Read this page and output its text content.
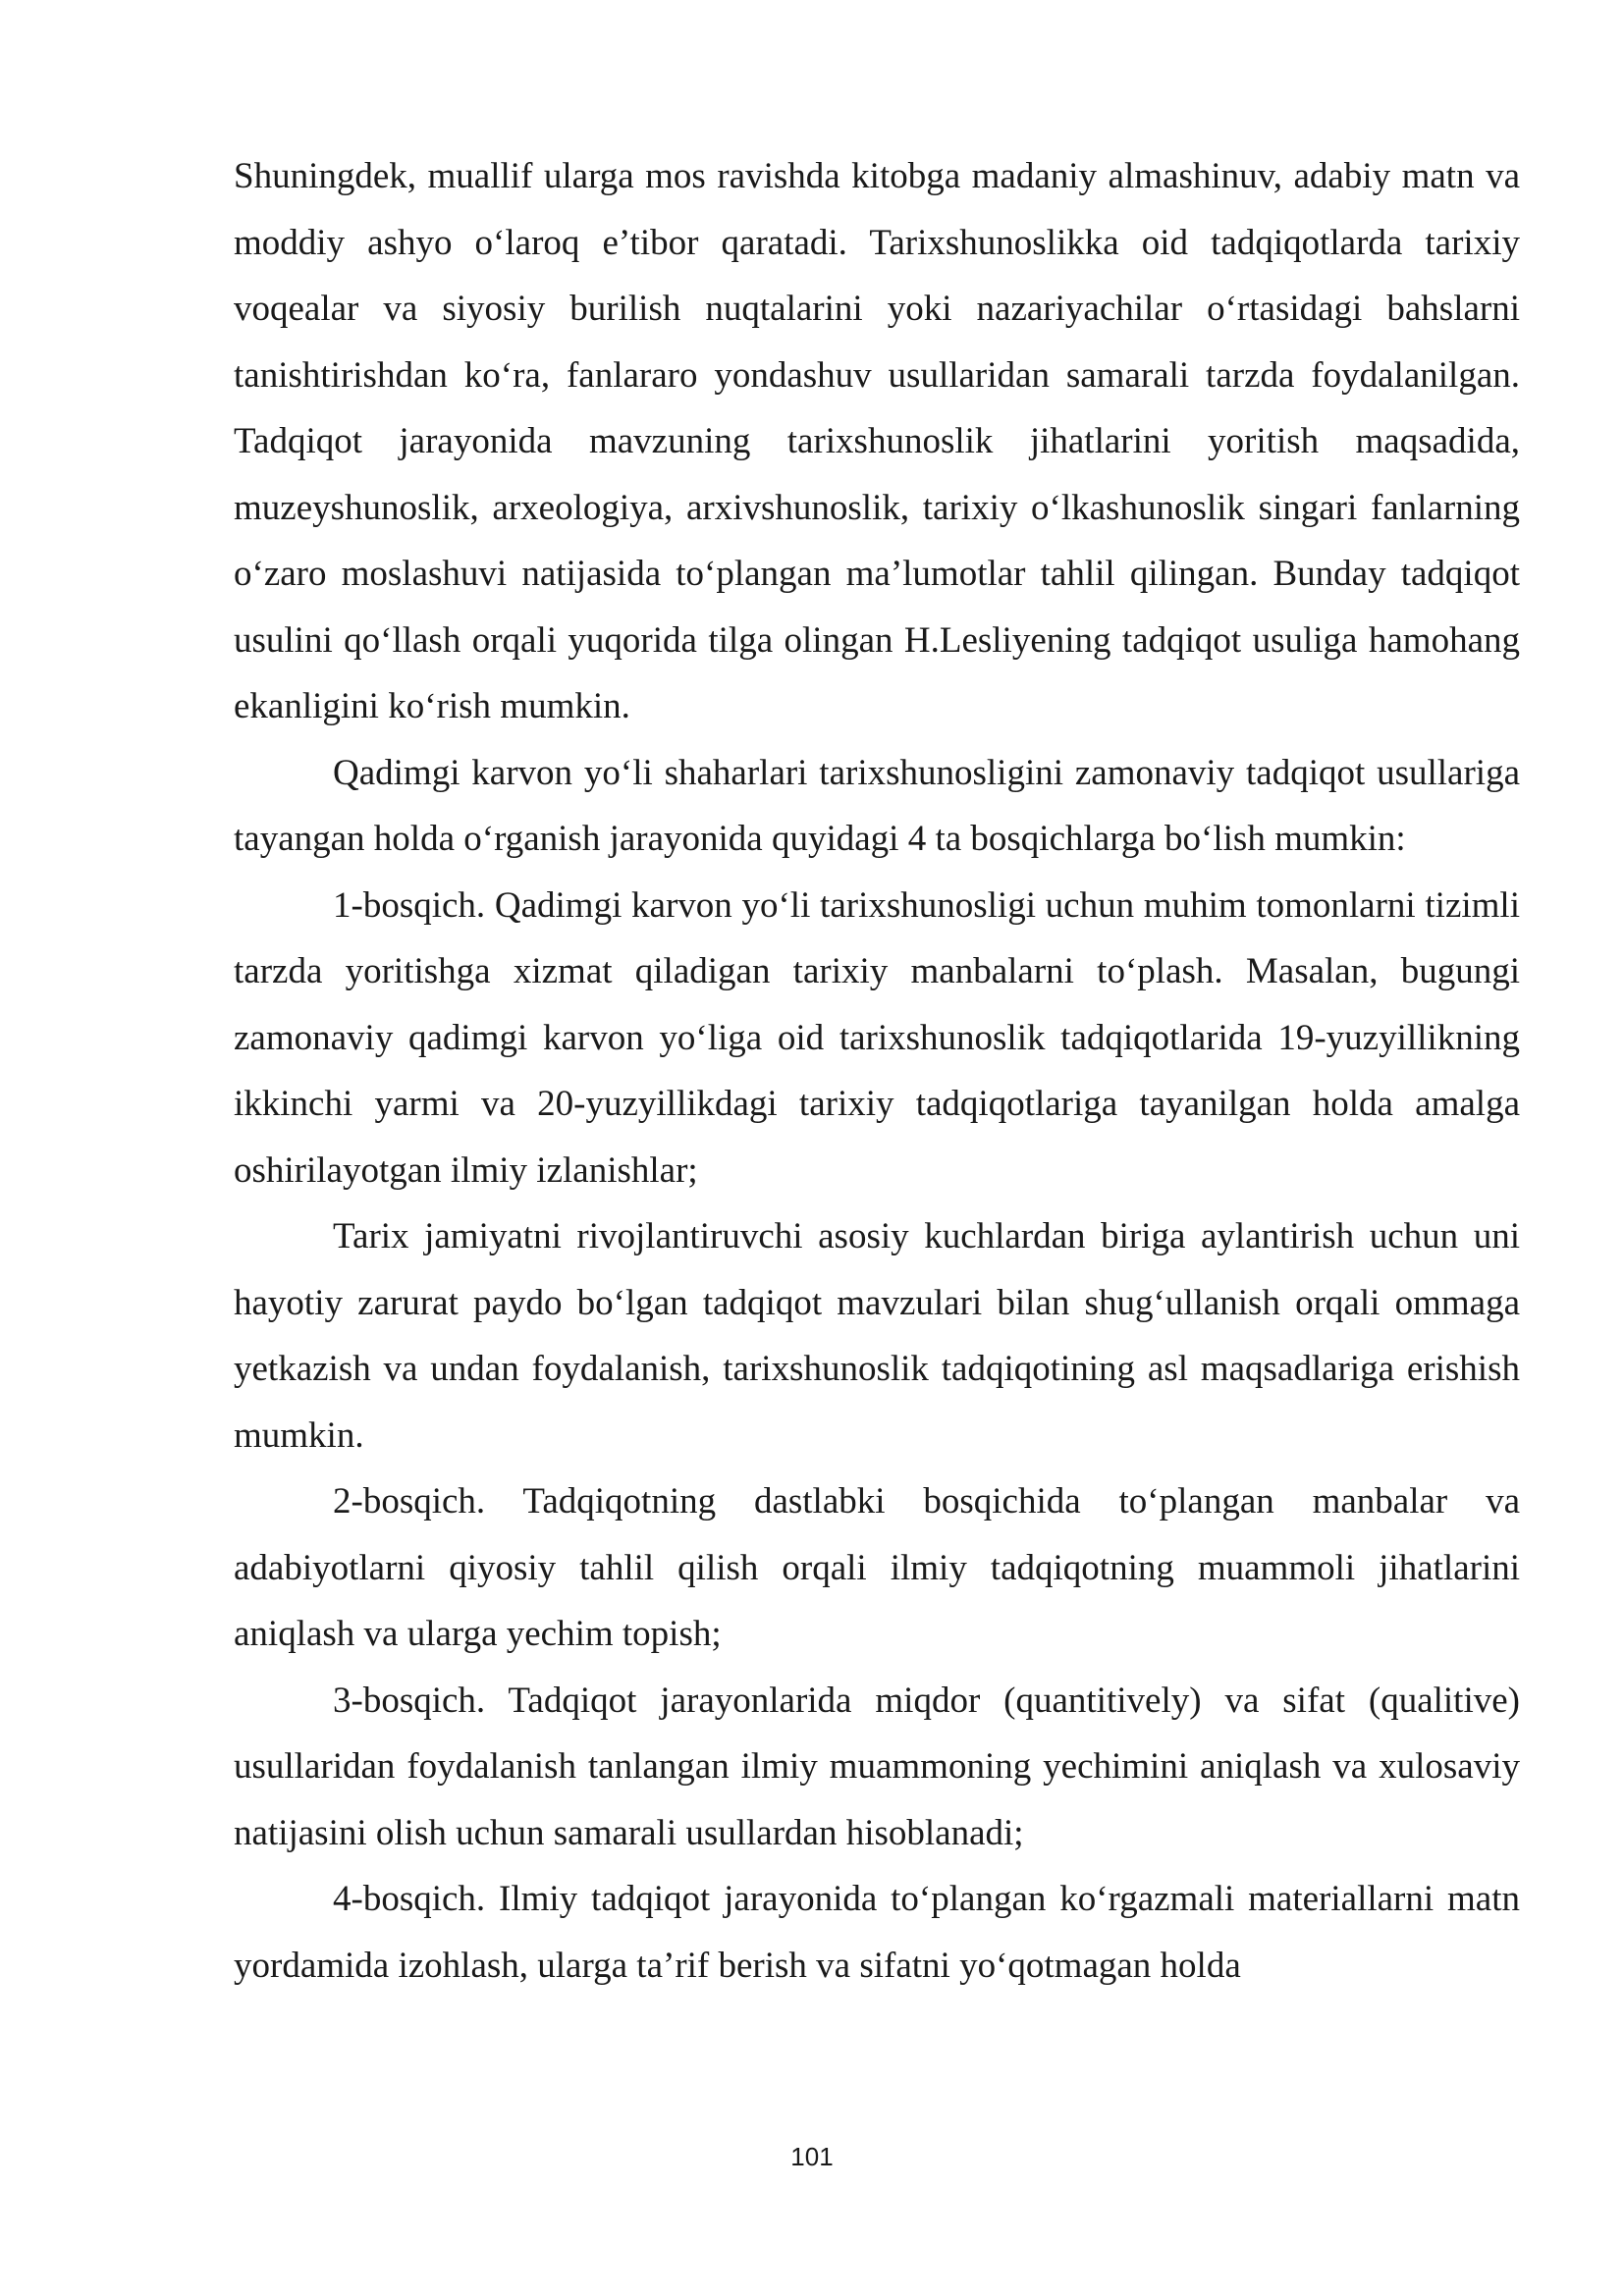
Shuningdek, muallif ularga mos ravishda kitobga madaniy almashinuv, adabiy matn va moddiy ashyo o‘laroq e’tibor qaratadi. Tarixshunoslikka oid tadqiqotlarda tarixiy voqealar va siyosiy burilish nuqtalarini yoki nazariyachilar o‘rtasidagi bahslarni tanishtirishdan ko‘ra, fanlararo yondashuv usullaridan samarali tarzda foydalanilgan. Tadqiqot jarayonida mavzuning tarixshunoslik jihatlarini yoritish maqsadida, muzeyshunoslik, arxeologiya, arxivshunoslik, tarixiy o‘lkashunoslik singari fanlarning o‘zaro moslashuvi natijasida to‘plangan ma’lumotlar tahlil qilingan. Bunday tadqiqot usulini qo‘llash orqali yuqorida tilga olingan H.Lesliyening tadqiqot usuliga hamohang ekanligini ko‘rish mumkin.

Qadimgi karvon yo‘li shaharlari tarixshunosligini zamonaviy tadqiqot usullariga tayangan holda o‘rganish jarayonida quyidagi 4 ta bosqichlarga bo‘lish mumkin:

1-bosqich. Qadimgi karvon yo‘li tarixshunosligi uchun muhim tomonlarni tizimli tarzda yoritishga xizmat qiladigan tarixiy manbalarni to‘plash. Masalan, bugungi zamonaviy qadimgi karvon yo‘liga oid tarixshunoslik tadqiqotlarida 19-yuzyillikning ikkinchi yarmi va 20-yuzyillikdagi tarixiy tadqiqotlariga tayanilgan holda amalga oshirilayotgan ilmiy izlanishlar;

Tarix jamiyatni rivojlantiruvchi asosiy kuchlardan biriga aylantirish uchun uni hayotiy zarurat paydo bo‘lgan tadqiqot mavzulari bilan shug‘ullanish orqali ommaga yetkazish va undan foydalanish, tarixshunoslik tadqiqotining asl maqsadlariga erishish mumkin.

2-bosqich. Tadqiqotning dastlabki bosqichida to‘plangan manbalar va adabiyotlarni qiyosiy tahlil qilish orqali ilmiy tadqiqotning muammoli jihatlarini aniqlash va ularga yechim topish;

3-bosqich. Tadqiqot jarayonlarida miqdor (quantitively) va sifat (qualitive) usullaridan foydalanish tanlangan ilmiy muammoning yechimini aniqlash va xulosaviy natijasini olish uchun samarali usullardan hisoblanadi;

4-bosqich. Ilmiy tadqiqot jarayonida to‘plangan ko‘rgazmali materiallarni matn yordamida izohlash, ularga ta’rif berish va sifatni yo‘qotmagan holda

101
